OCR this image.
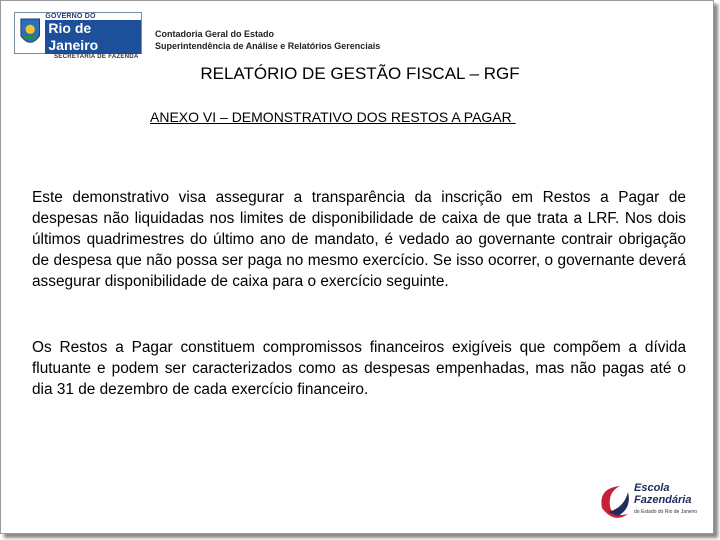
GOVERNO DO
Rio de Janeiro
SECRETARIA DE FAZENDA
Contadoria Geral do Estado
Superintendência de Análise e Relatórios Gerenciais
RELATÓRIO DE GESTÃO FISCAL – RGF
ANEXO VI – DEMONSTRATIVO DOS RESTOS A PAGAR

Este demonstrativo visa assegurar a transparência da inscrição em Restos a Pagar de despesas não liquidadas nos limites de disponibilidade de caixa de que trata a LRF. Nos dois últimos quadrimestres do último ano de mandato, é vedado ao governante contrair obrigação de despesa que não possa ser paga no mesmo exercício. Se isso ocorrer, o governante deverá assegurar disponibilidade de caixa para o exercício seguinte.

Os Restos a Pagar constituem compromissos financeiros exigíveis que compõem a dívida flutuante e podem ser caracterizados como as despesas empenhadas, mas não pagas até o dia 31 de dezembro de cada exercício financeiro.

Escola
Fazendária
do Estado do Rio de Janeiro
